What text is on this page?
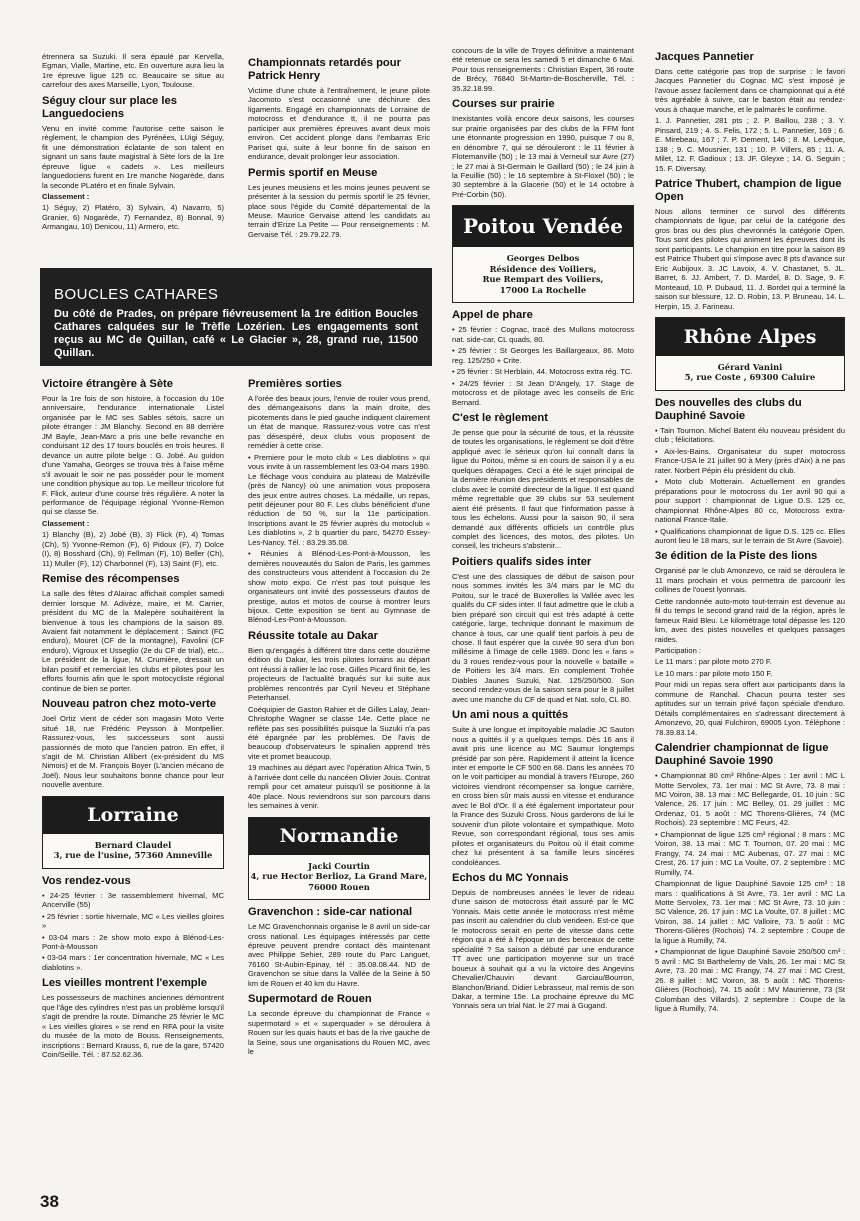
étrennera sa Suzuki. Il sera épaulé par Kervella, Egman, Vialle, Martine, etc. En ouverture aura lieu la 1re épreuve ligue 125 cc. Beaucaire se situe au carrefour des axes Marseille, Lyon, Toulouse.

Séguy clour sur place les Languedociens

Venu en invité comme l'autorise cette saison le règlement, le champion des Pyrénées, LUigi Séguy, fit une démonstration éclatante de son talent en signant un sans faute magistral à Sète lors de la 1re épreuve ligue « cadets ». Les meilleurs languedociens furent en 1re manche Nogarède, dans la seconde PLatéro et en finale Sylvain.

Classement :

1) Séguy, 2) Platéro, 3) Sylvain, 4) Navarro, 5) Granier, 6) Nogarède, 7) Fernandez, 8) Bonnal, 9) Armangau, 10) Denicou, 11) Armero, etc.

Championnats retardés pour Patrick Henry

Victime d'une chute à l'entraînement, le jeune pilote Jacomoto s'est occasionné une déchirure des ligaments. Engagé en championnats de Lorraine de motocross et d'endurance tt, il ne pourra pas participer aux premières épreuves avant deux mois environ. Cet accident plonge dans l'embarras Eric Pariset qui, suite à leur bonne fin de saison en endurance, devait prolonger leur association.

Permis sportif en Meuse

Les jeunes meusiens et les moins jeunes peuvent se présenter à la session du permis sportif le 25 février, place sous l'égide du Comité départemental de la Meuse. Maurice Gervaise attend les candidats au terrain d'Erize La Petite — Pour renseignements : M. Gervaise Tél. : 29.79.22.79.

concours de la ville de Troyes définitive a maintenant été retenue ce sera les samedi 5 et dimanche 6 Mai. Pour tous renseignements : Christian Expert, 36 route de Brécy, 76840 St-Martin-de-Boscherville, Tél. : 35.32.18.99.

Courses sur prairie

Inexistantes voilà encore deux saisons, les courses sur prairie organisées par des clubs de la FFM font une étonnante progression en 1990, puisque 7 ou 8, en dénombre 7, qui se dérouleront : le 11 février à Flotemanville (50) ; le 13 mai à Verneuil sur Avre (27) ; le 27 mai à St-Germain le Gaillard (50) ; le 24 juin à la Feuillie (50) ; le 16 septembre à St-Floxel (50) ; le 30 septembre à la Glacerie (50) et le 14 octobre à Pré-Corbin (50).

Poitou Vendée
Georges Delbos
Résidence des Voiliers,
Rue Rempart des Voiliers,
17000 La Rochelle
Appel de phare

• 25 février : Cognac, tracé des Mullons motocross nat. side-car, CL quads, 80.

• 25 février : St Georges les Baillargeaux, 86. Moto reg. 125/250 + Crite.

• 25 février : St Herblain, 44. Motocross extra rég. TC.

• 24/25 février : St Jean D'Angely, 17. Stage de motocross et de pilotage avec les conseils de Eric Bernard.

C'est le règlement

Je pense que pour la sécurité de tous, et la réussite de toutes les organisations, le règlement se doit d'être appliqué avec le sérieux qu'on lui connaît dans la ligue du Poitou, même si en cours de saison il y a eu quelques dérapages. Ceci a été le sujet principal de la dernière réunion des présidents et responsables de clubs avec le comité directeur de la ligue. Il est quand même regrettable que 39 clubs sur 53 seulement aient été présents. Il faut que l'information passe à tous les échelons. Aussi pour la saison 90, il sera demandé aux différents officiels un contrôle plus complet des licences, des motos, des pilotes. Un conseil, les tricheurs s'abstenir...

Poitiers qualifs sides inter

C'est une des classiques de début de saison pour nous sommes invités les 3/4 mars par le MC du Poitou, sur le tracé de Buxerolles la Vallée avec les qualifs du CF sides inter. Il faut admettre que le club a bien préparé son circuit qui est très adapté à cette catégorie, large, technique donnant le maximum de chance à tous, car une qualif tient parfois à peu de chose. Il faut espérer que la cuvée 90 sera d'un bon millésime à l'image de celle 1989. Donc les « fans » du 3 roues rendez-vous pour la nouvelle « bataille » de Poitiers les 3/4 mars. En complement Trohée Diables Jaunes Suzuki, Nat. 125/250/500. Son second rendez-vous de la saison sera pour le 8 juillet avec une manche du CF de quad et Nat. solo, CL 80.

Un ami nous a quittés

Suite à une longue et impitoyable maladie JC Sauton nous a quittés il y a quelques temps. Dès 16 ans il avait pris une licence au MC Saumur longtemps présidé par son père. Rapidement il atteint la licence inter et emporte le CF 500 en 68. Dans les années 70 on le voit participer au mondial à travers l'Europe, 260 victoires viendront récompenser sa longue carrière, en cross bien sûr mais aussi en vitesse et endurance avec le Bol d'Or. Il a été également importateur pour la France des Suzuki Cross. Nous garderons de lui le souvenir d'un pilote volontaire et sympathique. Moto Revue, son correspondant régional, tous ses amis pilotes et organisateurs du Poitou où il était comme chez lui présentent à sa famille leurs sincères condoléances.

Echos du MC Yonnais

Depuis de nombreuses années le lever de rideau d'une saison de motocross était assuré par le MC Yonnais. Mais cette année le motocross n'est même pas inscrit au calendrier du club vendeen. Est-ce que le motocross serait en perte de vitesse dans cette région qui a été à l'époque un des berceaux de cette spécialité ? Sa saison a débuté par une endurance TT avec une participation moyenne sur un tracé boueux à souhait qui a vu la victoire des Angevins Chevalier/Chauvin devant Garciau/Bourron, Blanchon/Briand. Didier Lebrasseur, mal remis de son Dakar, a termine 15e. La prochaine épreuve du MC Yonnais sera un trial Nat. le 27 mai à Gugand.

Jacques Pannetier

Dans cette catégorie pas trop de surprise : le favori Jacques Pannetier du Cognac MC s'est imposé je l'avoue assez facilement dans ce championnat qui a été très agréable à suivre, car le baston était au rendez-vous à chaque manche, et le palmarès le confirme.

1. J. Pannetier, 281 pts ; 2. P. Baillou, 238 ; 3. Y. Pinsard, 219 ; 4. S. Felis, 172 ; 5. L. Pannetier, 169 ; 6. E. Mirebeau, 167 ; 7. P. Dement, 146 ; 8. M. Levêque, 138 ; 9. C. Mousnier, 131 ; 10. P. Villers, 85 ; 11. A. Milet, 12. F. Gadioux ; 13. JF. Gleyxe ; 14. G. Seguin ; 15. F. Diversay.

Patrice Thubert, champion de ligue Open

Nous allons terminer ce survol des différents championnats de ligue, par celui de la catégorie des gros bras ou des plus chevronnés la catégorie Open. Tous sont des pilotes qui animent les épreuves dont ils sont participants. Le champion en titre pour la saison 89 est Patrice Thubert qui s'impose avec 8 pts d'avance sur Eric Aubijoux. 3. JC Lavoix, 4. V. Chastanet, 5. JL. Barret, 6. JJ. Ambert, 7. D. Mardel, 8. D. Sage, 9. F. Monteaud, 10. P. Dubaud, 11. J. Bordet qui a terminé la saison sur blessure, 12. D. Robin, 13. P. Bruneau, 14. L. Herpin, 15. J. Farineau.

Rhône Alpes
Gérard Vanini
5, rue Coste , 69300 Caluire
Des nouvelles des clubs du Dauphiné Savoie

• Tain Tournon. Michel Batent élu nouveau président du club ; félicitations.

• Aix-les-Bains. Organisateur du super motocross France-USA le 21 juillet 90 à Mery (près d'Aix) à ne pas rater. Norbert Pépin élu président du club.

• Moto club Motterain. Actuellement en grandes préparations pour le motocross du 1er avril 90 qui a pour support : championnat de Ligue D.S. 125 cc, championnat Rhône-Alpes 80 cc, Motocross extra-national France-Italie.

• Qualifications championnat de ligue D.S. 125 cc. Elles auront lieu le 18 mars, sur le terrain de St Avre (Savoie).

3e édition de la Piste des lions

Organisé par le club Amonzevo, ce raid se déroulera le 11 mars prochain et vous permettra de parcourir les collines de l'ouest lyonnais.

Cette randonnée auto-moto tout-terrain est devenue au fil du temps le second grand raid de la région, après le fameux Raid Bleu. Le kilométrage total dépasse les 120 km, avec des pistes nouvelles et quelques passages raides.

Participation :

Le 11 mars : par pilote moto 270 F.

Le 10 mars : par pilote moto 150 F.

Pour midi un repas sera offert aux participants dans la commune de Ranchal. Chacun pourra tester ses aptitudes sur un terrain privé façon spéciale d'enduro. Détails complémentaires en s'adressant directement à Amonzevo, 20, quai Fulchiron, 69005 Lyon. Téléphone : 78.39.83.14.

Calendrier championnat de ligue Dauphiné Savoie 1990

• Championnat 80 cm³ Rhône-Alpes : 1er avril : MC L Motte Servolex, 73. 1er mai : MC St Avre, 73. 8 mai : MC Voiron, 38. 13 mai : MC Bellegarde, 01. 10 juin : SC Valence, 26. 17 juin : MC Belley, 01. 29 juillet : MC Ordenaz, 01. 5 août : MC Thorens-Glières, 74 (MC Rochois). 23 septembre : MC Feurs, 42.

• Championnat de ligue 125 cm³ régional : 8 mars : MC Voiron, 38. 13 mai : MC T. Tournon, 07. 20 mai : MC Frangy, 74. 24 mai : MC Aubenas, 07. 27 mai : MC Crest, 26. 17 juin : MC La Voulte, 07. 2 septembre : MC Rumilly, 74.

Championnat de ligue Dauphiné Savoie 125 cm³ : 18 mars : qualifications à St Avre, 73. 1er avril : MC La Motte Servolex, 73. 1er mai : MC St Avre, 73. 10 juin : SC Valence, 26. 17 juin : MC La Voulte, 07. 8 juillet : MC Voiron, 38. 14 juillet : MC Valloire, 73. 5 août : MC Thorens-Glières (Rochois) 74. 2 septembre : Coupe de la ligue à Rumilly, 74.

• Championnat de ligue Dauphiné Savoie 250/500 cm³ : 5 avril : MC St Barthelemy de Vals, 26. 1er mai : MC St Avre, 73. 20 mai : MC Frangy, 74. 27 mai : MC Crest, 26. 8 juillet : MC Voiron, 38. 5 août : MC Thorens-Glières (Rochois), 74. 15 août : MV Maurienne, 73 (St Colomban des Villards). 2 septembre : Coupe de la ligue à Rumilly, 74.

BOUCLES CATHARES
Du côté de Prades, on prépare fiévreusement la 1re édition Boucles Cathares calquées sur le Trèfle Lozérien. Les engagements sont reçus au MC de Quillan, café « Le Glacier », 28, grand rue, 11500 Quillan.
Victoire étrangère à Sète

Pour la 1re fois de son histoire, à l'occasion du 10e anniversaire, l'endurance internationale Listel organisée par le MC ses Sables sétois, sacre un pilote étranger : JM Blanchy. Second en 88 derrière JM Bayle, Jean-Marc a pris une belle revanche en conduisant 12 des 17 tours bouclés en trois heures. Il devance un autre pilote belge : G. Jobé. Au guidon d'une Yamaha, Georges se trouva très à l'aise même s'il avouait le soir ne pas posséder pour le moment une condition physique au top. Le meilleur tricolore fut F. Flick, auteur d'une course très régulière. A noter la performance de l'équipage régional Yvonne-Remon qui se classe 5e.

Classement :

1) Blanchy (B), 2) Jobé (B), 3) Flick (F), 4) Tomas (Ch), 5) Yvonne-Remon (F), 6) Pidoux (F), 7) Dolce (I), 8) Bosshard (Ch), 9) Fellman (F), 10) Beller (Ch), 11) Muller (F), 12) Charbonnel (F), 13) Saint (F), etc.

Remise des récompenses

La salle des fêtes d'Alairac affichait complet samedi dernier lorsque M. Adivèze, maire, et M. Carrier, président du MC de la Malepère souhaitèrent la bienvenue à tous les champions de la saison 89. Avaient fait notamment le déplacement : Sainct (FC enduro), Mouret (CF de la montagne), Favolini (CF enduro), Vigroux et Usseglio (2e du CF de trial), etc... Le président de la ligue, M. Crumière, dressait un bilan positif et remerciait les clubs et pilotes pour les efforts fournis afin que le sport motocycliste régional continue de bien se porter.

Nouveau patron chez moto-verte

Joel Ortiz vient de céder son magasin Moto Verte situé 18, rue Frédéric Peysson à Montpellier. Rassurez-vous, les successeurs sont aussi passionnés de moto que l'ancien patron. En effet, il s'agit de M. Christian Allibert (ex-président du MS Nimois) et de M. François Boyer (L'ancien mécano de Joël). Nous leur souhaitons bonne chance pour leur nouvelle aventure.

Lorraine
Bernard Claudel
3, rue de l'usine, 57360 Amneville
Vos rendez-vous

• 24-25 février : 3e rassemblement hivernal, MC Ancerville (55)

• 25 février : sortie hivernale, MC « Les vieilles gloires »

• 03-04 mars : 2e show moto expo à Blénod-Les-Pont-à-Mousson

• 03-04 mars : 1er concentration hivernale, MC « Les diablotins ».

Les vieilles montrent l'exemple

Les possesseurs de machines anciennes démontrent que l'âge des cylindres n'est pas un problème lorsqu'il s'agit de prendre la route. Dimanche 25 février le MC « Les vieilles gloires » se rend en RFA pour la visite du musée de la moto de Bouss. Renseignements, inscriptions : Bernard Krauss, 6, rue de la gare, 57420 Coin/Seille. Tél. : 87.52.62.36.

Premières sorties

A l'orée des beaux jours, l'envie de rouler vous prend, des démangeaisons dans la main droite, des picotements dans le pied gauche indiquent clairement un état de manque. Rassurez-vous votre cas n'est pas désespéré, deux clubs vous proposent de remédier à cette crise.

• Premiere pour le moto club « Les diablotins » qui vous invite à un rassemblement les 03-04 mars 1990. Le fléchage vous conduira au plateau de Malzéville (près de Nancy) où une animation vous proposera des jeux entre autres choses. La médaille, un repas, petit déjeuner pour 80 F. Les clubs bénéficient d'une réduction de 50 %, sur la 11e participation. Inscriptions avant le 25 février auprès du motoclub « Les diablotins », 2 b quartier du parc, 54270 Essey-Les-Nancy. Tél. : 83.29.35.08.

• Réunies à Blénod-Les-Pont-à-Mousson, les dernières nouveautés du Salon de Paris, les gammes des constructeurs vous attendent à l'occasion du 2e show moto expo. Ce n'est pas tout puisque les organisateurs ont invité des possesseurs d'autos de prestige, autos et motos de course à montrer leurs bijoux. Cette exposition se tient au Gymnase de Blénod-Les-Pont-à-Mousson.

Réussite totale au Dakar

Bien qu'engagés à différent titre dans cette douzième édition du Dakar, les trois pilotes lorrains au départ ont réussi à rallier le lac rose. Gilles Picard finit 6e, les projecteurs de l'actualité braqués sur lui suite aux problèmes rencontrés par Cyril Neveu et Stéphane Peterhansel.

Coéquipier de Gaston Rahier et de Gilles Lalay, Jean-Christophe Wagner se classe 14e. Cette place ne reflète pas ses possibilités puisque la Suzuki n'a pas été épargnée par les problèmes. De l'avis de beaucoup d'observateurs le spinalien apprend très vite et promet beaucoup.

19 machines au départ avec l'opération Africa Twin, 5 à l'arrivée dont celle du nancéen Olivier Jouis. Contrat rempli pour cet amateur puisqu'il se positionne à la 40e place. Nous reviendrons sur son parcours dans les semaines à venir.

Normandie
Jacki Courtin
4, rue Hector Berlioz, La Grand Mare,
76000 Rouen
Gravenchon : side-car national

Le MC Gravenchonnais organise le 8 avril un side-car cross national. Les équipages intéressés par cette épreuve peuvent prendre contact dès maintenant avec Philippe Sehier, 289 route du Parc Languet, 76160 St-Aubin-Epinay, tél : 35.08.08.44. ND de Gravenchon se situe dans la Vallée de la Seine à 50 km de Rouen et 40 km du Havre.

Supermotard de Rouen

La seconde épreuve du championnat de France « supermotard » et « superquader » se déroulera à Rouen sur les quais hauts et bas de la rive gauche de la Seine, sous une organisations du Rouen MC, avec le

38
